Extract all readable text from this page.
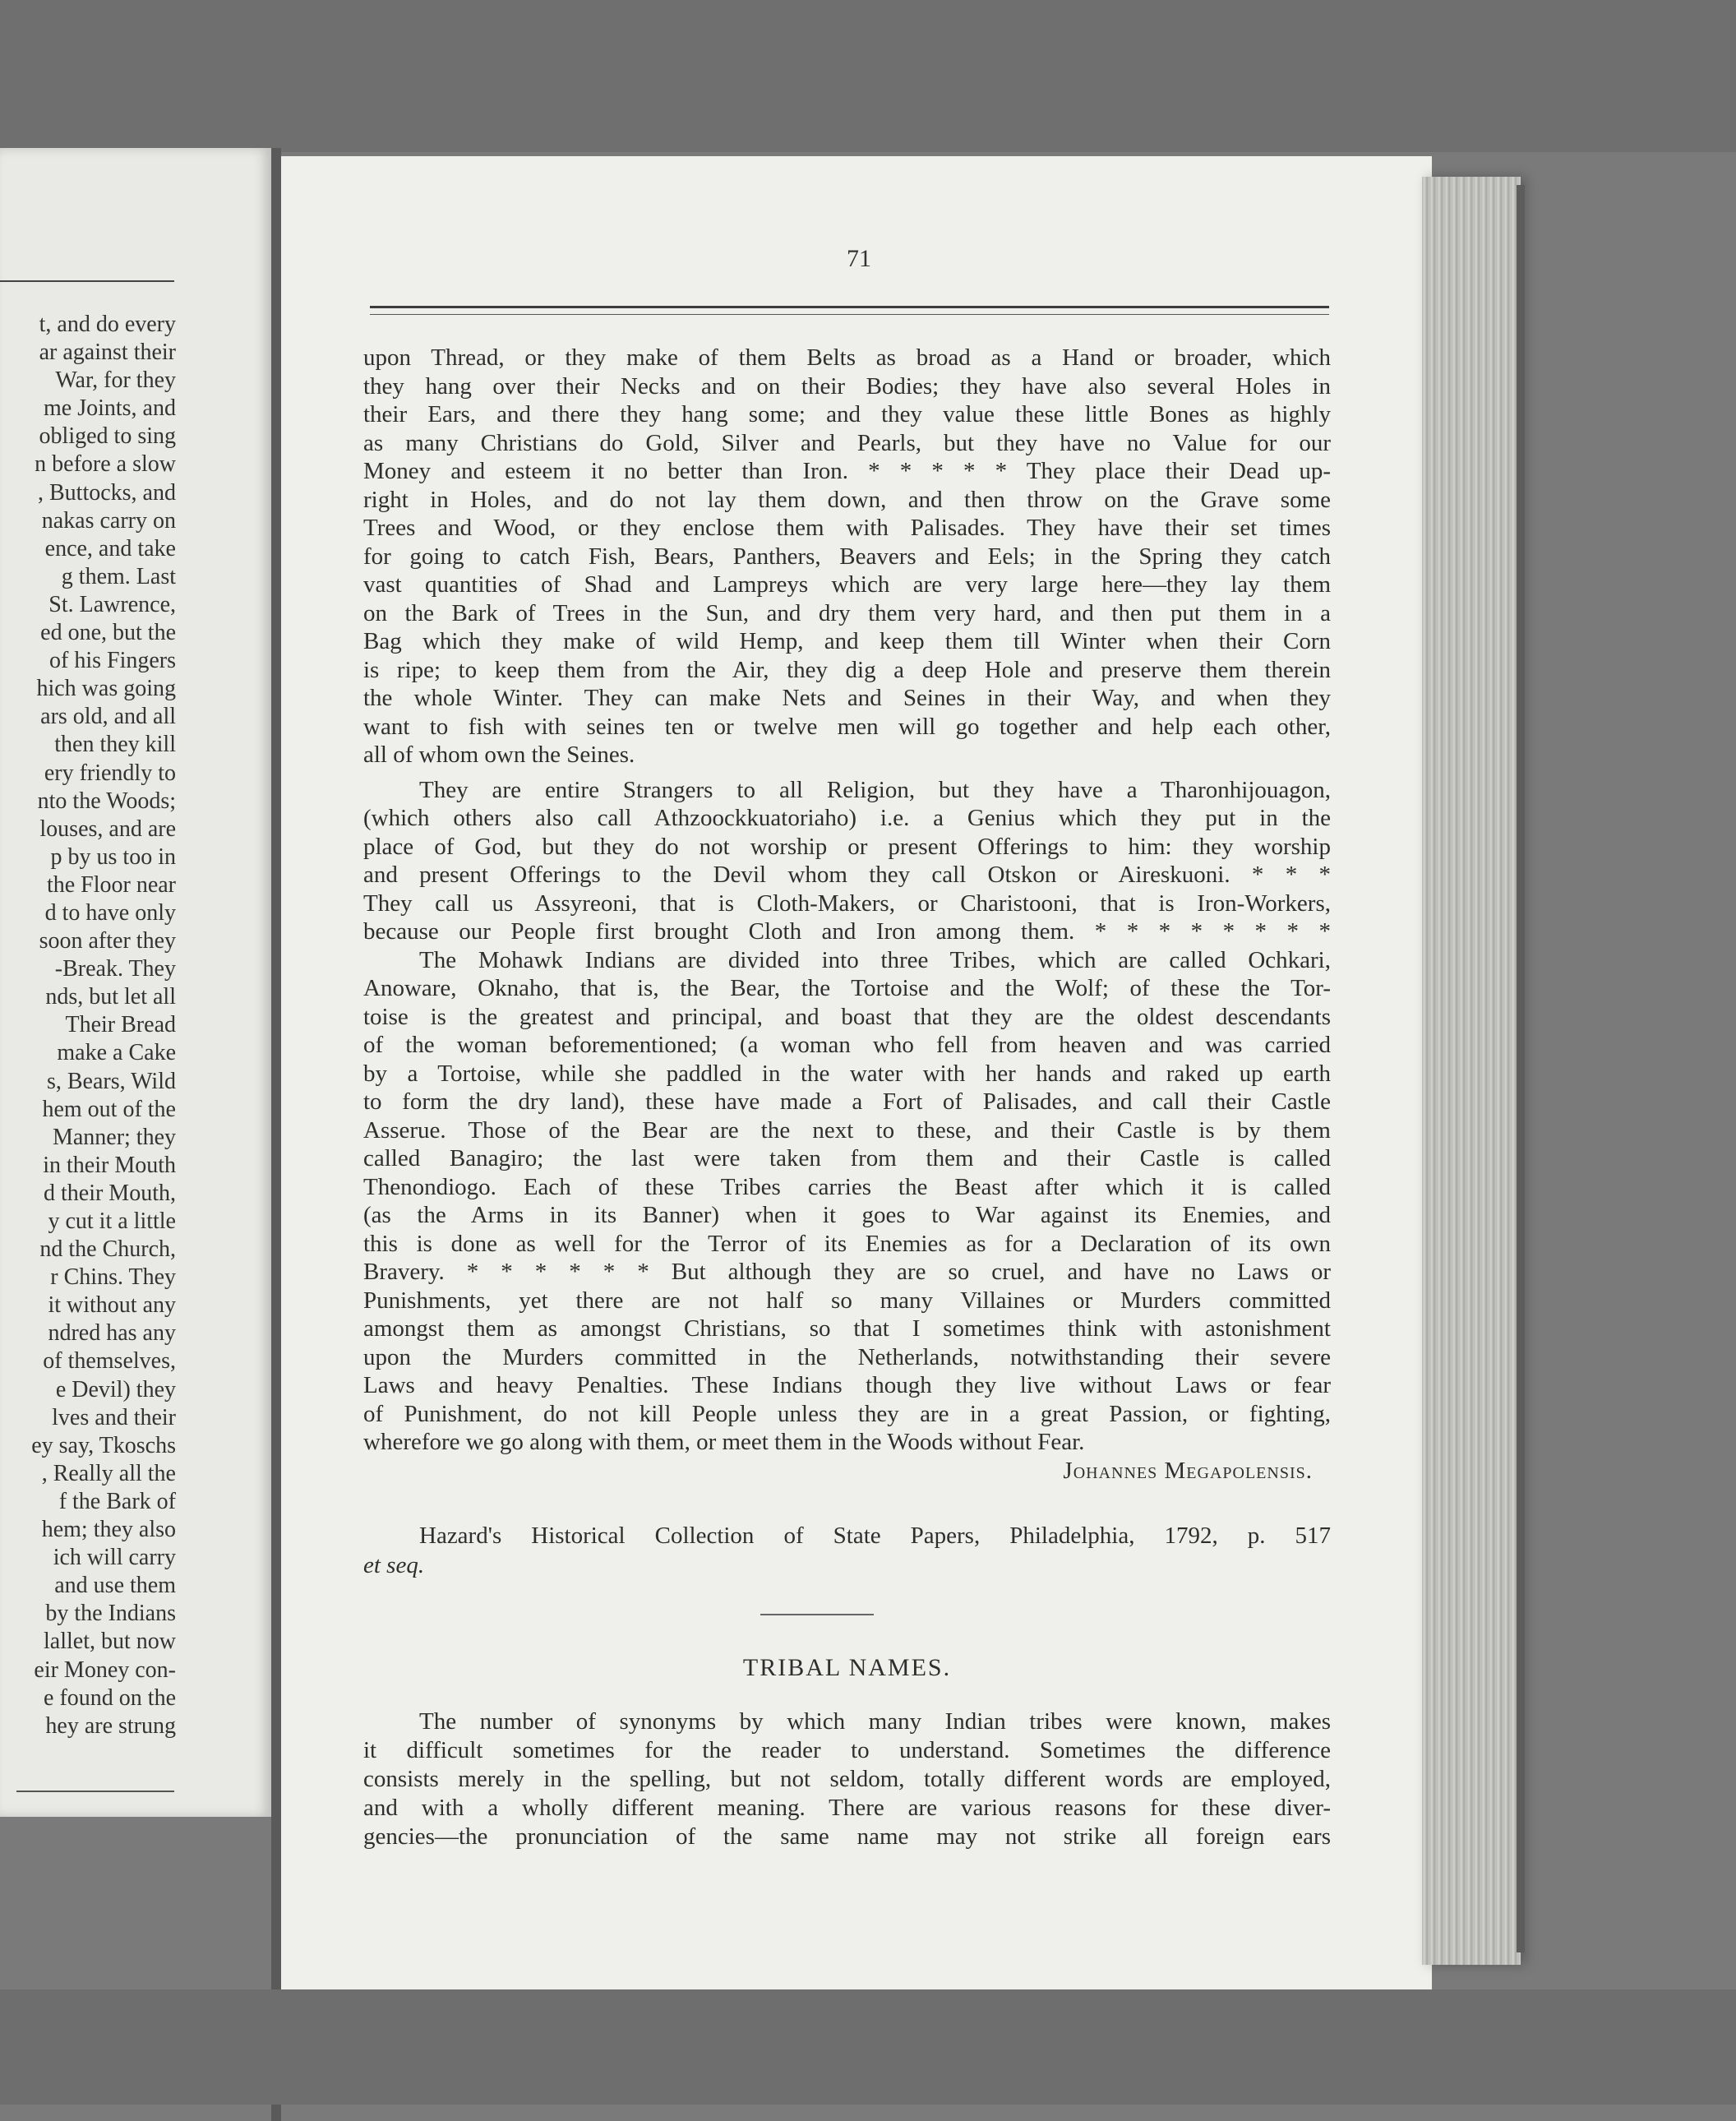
t, and do every
ar against their
War, for they
me Joints, and
obliged to sing
n before a slow
, Buttocks, and
nakas carry on
ence, and take
g them. Last
St. Lawrence,
ed one, but the
of his Fingers
hich was going
ars old, and all
then they kill
ery friendly to
nto the Woods;
louses, and are
p by us too in
the Floor near
d to have only
soon after they
-Break. They
nds, but let all
Their Bread
make a Cake
s, Bears, Wild
hem out of the
Manner; they
in their Mouth
d their Mouth,
y cut it a little
nd the Church,
r Chins. They
it without any
ndred has any
of themselves,
e Devil) they
lves and their
ey say, Tkoschs
, Really all the
f the Bark of
hem; they also
ich will carry
and use them
by the Indians
lallet, but now
eir Money con-
e found on the
hey are strung
71
upon Thread, or they make of them Belts as broad as a Hand or broader, which
they hang over their Necks and on their Bodies; they have also several Holes in
their Ears, and there they hang some; and they value these little Bones as highly
as many Christians do Gold, Silver and Pearls, but they have no Value for our
Money and esteem it no better than Iron. * * * * * They place their Dead up-
right in Holes, and do not lay them down, and then throw on the Grave some
Trees and Wood, or they enclose them with Palisades. They have their set times
for going to catch Fish, Bears, Panthers, Beavers and Eels; in the Spring they catch
vast quantities of Shad and Lampreys which are very large here—they lay them
on the Bark of Trees in the Sun, and dry them very hard, and then put them in a
Bag which they make of wild Hemp, and keep them till Winter when their Corn
is ripe; to keep them from the Air, they dig a deep Hole and preserve them therein
the whole Winter. They can make Nets and Seines in their Way, and when they
want to fish with seines ten or twelve men will go together and help each other,
all of whom own the Seines.
They are entire Strangers to all Religion, but they have a Tharonhijouagon,
(which others also call Athzoockkuatoriaho) i.e. a Genius which they put in the
place of God, but they do not worship or present Offerings to him: they worship
and present Offerings to the Devil whom they call Otskon or Aireskuoni. * * *
They call us Assyreoni, that is Cloth-Makers, or Charistooni, that is Iron-Workers,
because our People first brought Cloth and Iron among them. * * * * * * * *
The Mohawk Indians are divided into three Tribes, which are called Ochkari,
Anoware, Oknaho, that is, the Bear, the Tortoise and the Wolf; of these the Tor-
toise is the greatest and principal, and boast that they are the oldest descendants
of the woman beforementioned; (a woman who fell from heaven and was carried
by a Tortoise, while she paddled in the water with her hands and raked up earth
to form the dry land), these have made a Fort of Palisades, and call their Castle
Asserue. Those of the Bear are the next to these, and their Castle is by them
called Banagiro; the last were taken from them and their Castle is called
Thenondiogo. Each of these Tribes carries the Beast after which it is called
(as the Arms in its Banner) when it goes to War against its Enemies, and
this is done as well for the Terror of its Enemies as for a Declaration of its own
Bravery. * * * * * * But although they are so cruel, and have no Laws or
Punishments, yet there are not half so many Villaines or Murders committed
amongst them as amongst Christians, so that I sometimes think with astonishment
upon the Murders committed in the Netherlands, notwithstanding their severe
Laws and heavy Penalties. These Indians though they live without Laws or fear
of Punishment, do not kill People unless they are in a great Passion, or fighting,
wherefore we go along with them, or meet them in the Woods without Fear.
Johannes Megapolensis.
Hazard's Historical Collection of State Papers, Philadelphia, 1792, p. 517
et seq.
TRIBAL NAMES.
The number of synonyms by which many Indian tribes were known, makes
it difficult sometimes for the reader to understand. Sometimes the difference
consists merely in the spelling, but not seldom, totally different words are employed,
and with a wholly different meaning. There are various reasons for these diver-
gencies—the pronunciation of the same name may not strike all foreign ears
